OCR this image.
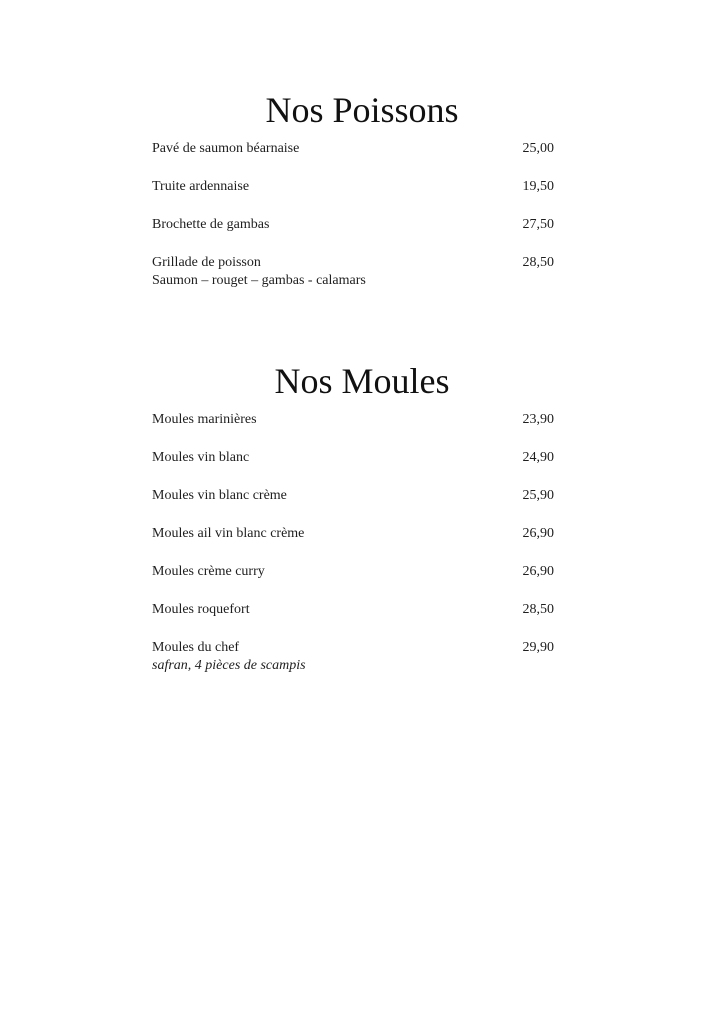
Nos Poissons
Pavé de saumon béarnaise	25,00
Truite ardennaise	19,50
Brochette de gambas	27,50
Grillade de poisson	28,50
Saumon – rouget – gambas - calamars
Nos Moules
Moules marinières	23,90
Moules vin blanc	24,90
Moules vin blanc crème	25,90
Moules ail vin blanc crème	26,90
Moules crème curry	26,90
Moules roquefort	28,50
Moules du chef	29,90
safran, 4 pièces de scampis
